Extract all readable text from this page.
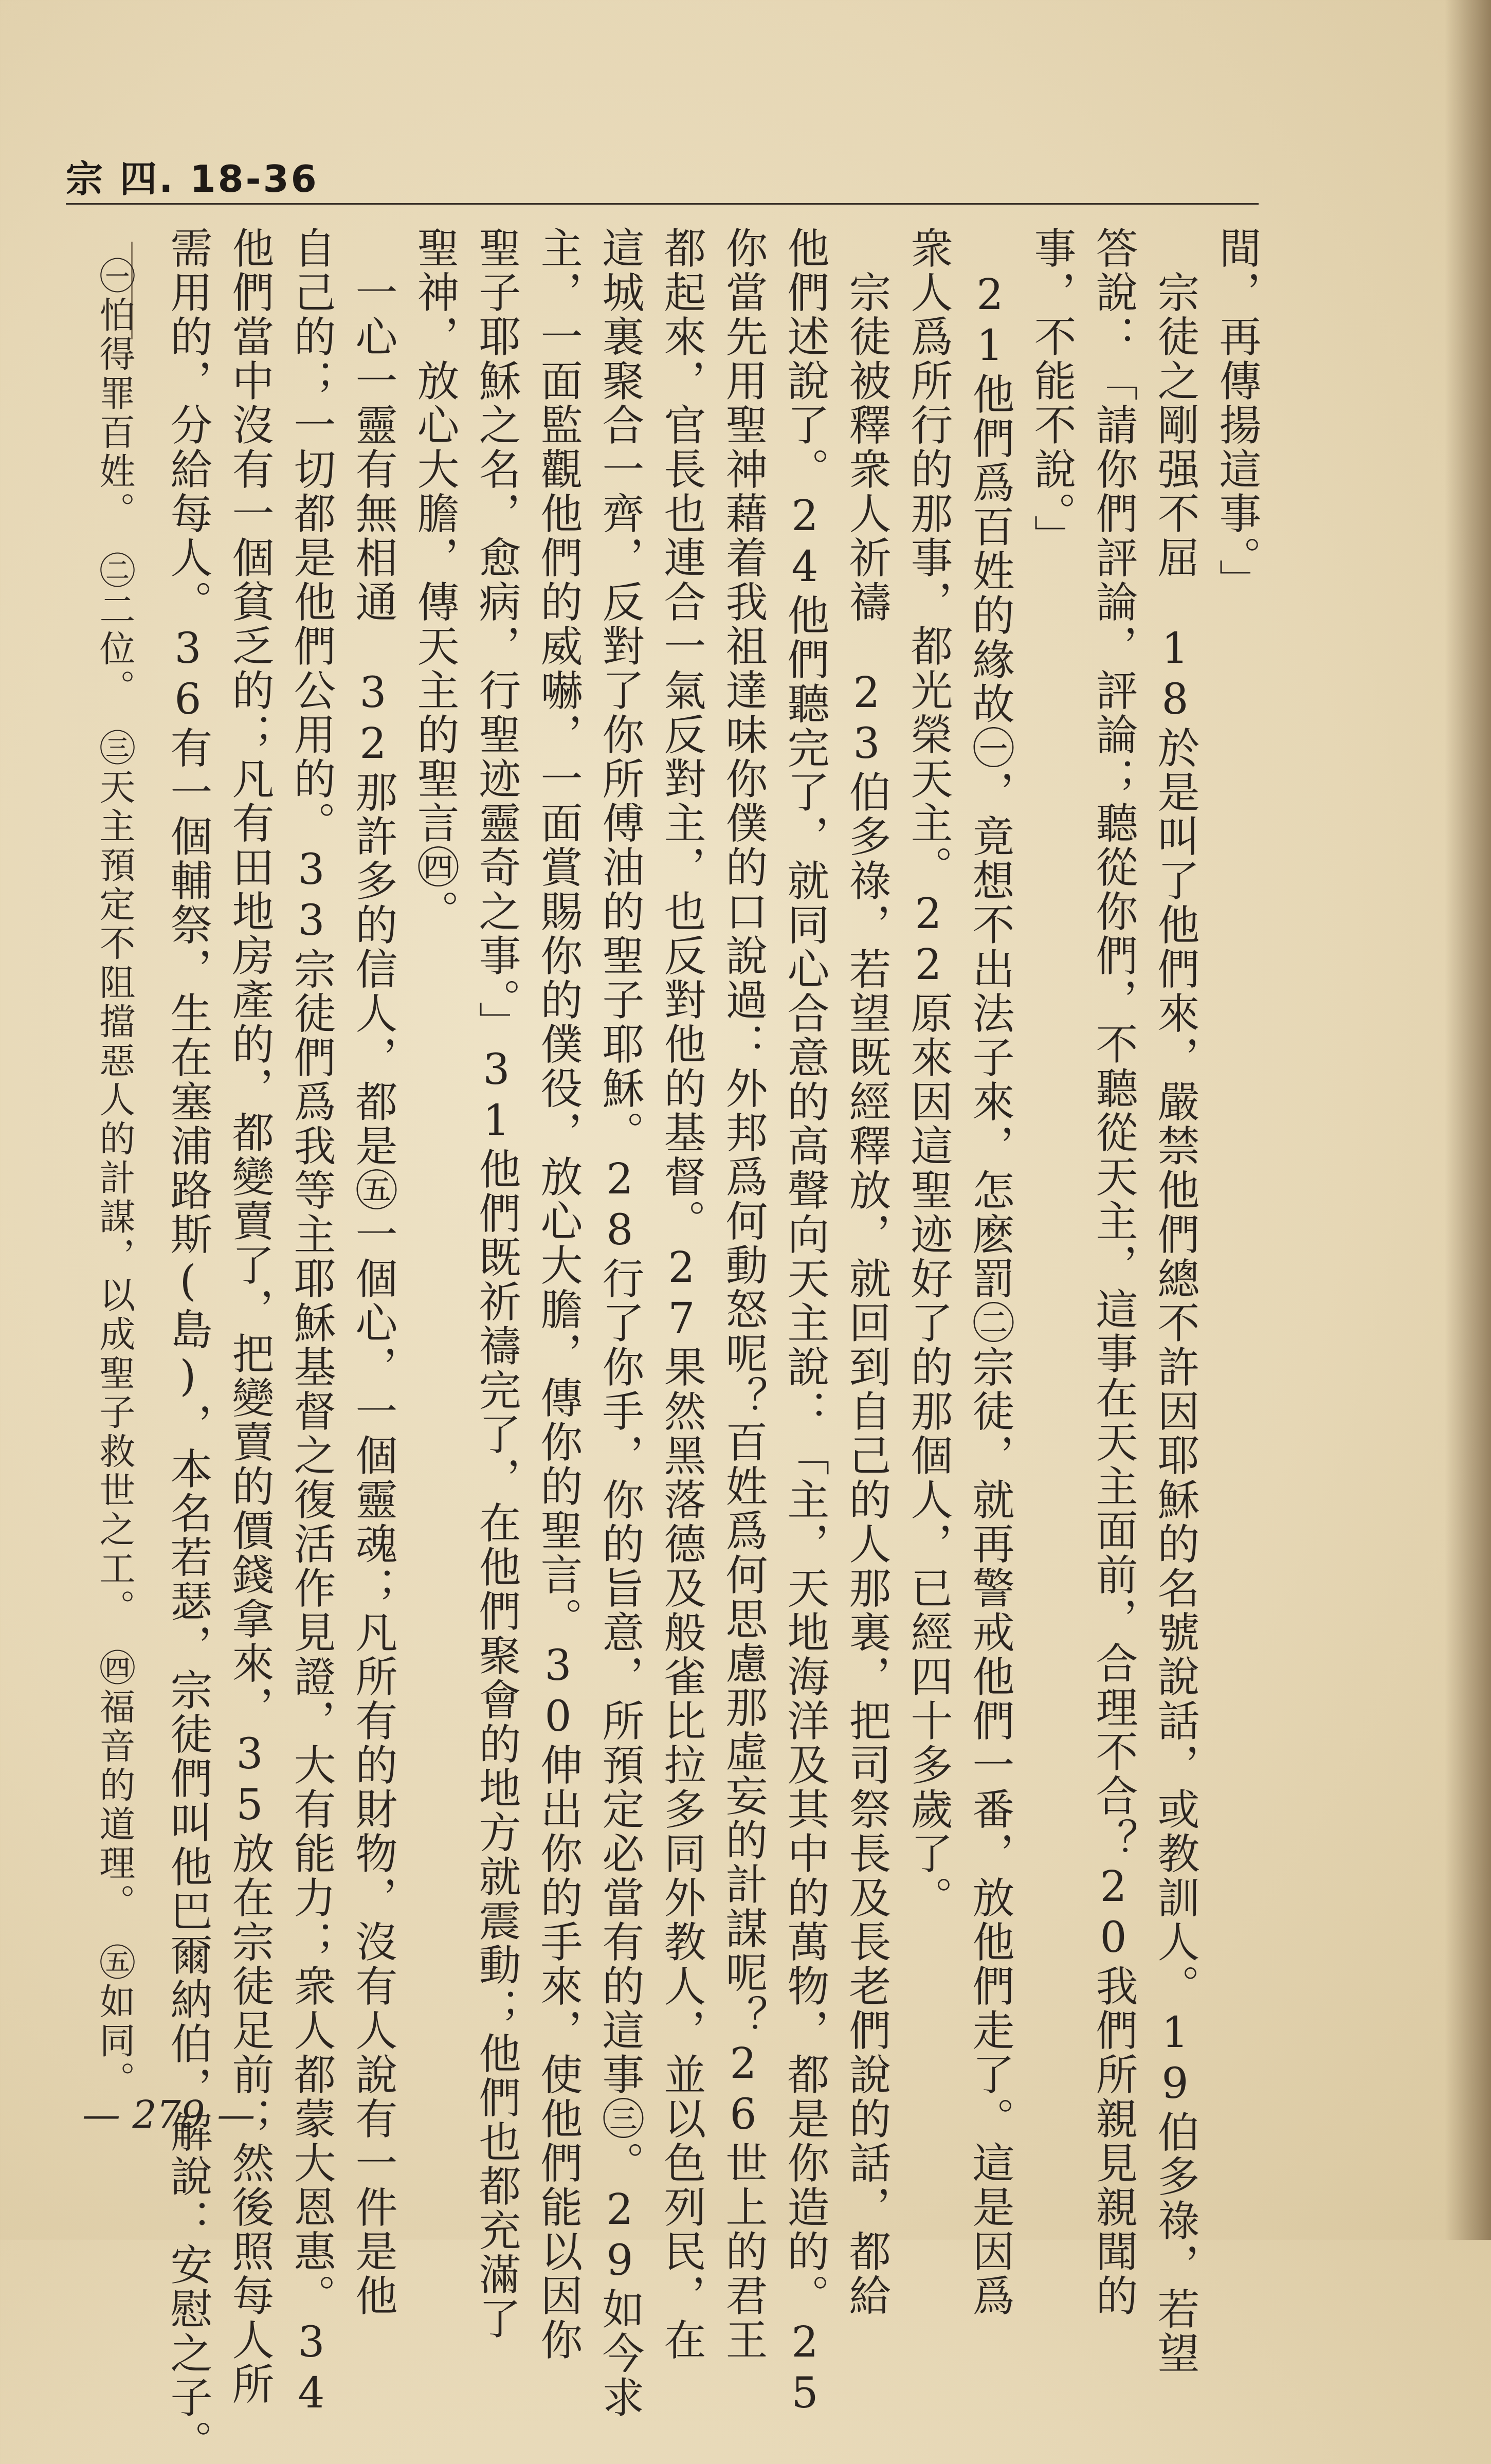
宗 四. 18-36
間，再傳揚這事。」
　宗徒之剛强不屈　18於是叫了他們來，嚴禁他們總不許因耶穌的名號說話，或教訓人。19伯多祿，若望
答說：「請你們評論，評論；聽從你們，不聽從天主，這事在天主面前，合理不合？20我們所親見親聞的
事，不能不說。」
　21他們爲百姓的緣故㊀，竟想不出法子來，怎麽罰㊁宗徒，就再警戒他們一番，放他們走了。這是因爲
衆人爲所行的那事，都光榮天主。22原來因這聖迹好了的那個人，已經四十多歲了。
　宗徒被釋衆人祈禱　23伯多祿，若望既經釋放，就回到自己的人那裏，把司祭長及長老們說的話，都給
他們述說了。24他們聽完了，就同心合意的高聲向天主說：「主，天地海洋及其中的萬物，都是你造的。25
你當先用聖神藉着我祖達味你僕的口說過：外邦爲何動怒呢？百姓爲何思慮那虛妄的計謀呢？26世上的君王
都起來，官長也連合一氣反對主，也反對他的基督。27果然黑落德及般雀比拉多同外教人，並以色列民，在
這城裏聚合一齊，反對了你所傅油的聖子耶穌。28行了你手，你的旨意，所預定必當有的這事㊂。29如今求
主，一面監觀他們的威嚇，一面賞賜你的僕役，放心大膽，傳你的聖言。30伸出你的手來，使他們能以因你
聖子耶穌之名，愈病，行聖迹靈奇之事。」31他們既祈禱完了，在他們聚會的地方就震動；他們也都充滿了
聖神，放心大膽，傳天主的聖言㊃。
　一心一靈有無相通　32那許多的信人，都是㊄一個心，一個靈魂；凡所有的財物，沒有人說有一件是他
自己的；一切都是他們公用的。33宗徒們爲我等主耶穌基督之復活作見證，大有能力；衆人都蒙大恩惠。34
他們當中沒有一個貧乏的；凡有田地房產的，都變賣了，把變賣的價錢拿來，35放在宗徒足前；然後照每人所
需用的，分給每人。36有一個輔祭，生在塞浦路斯(島)，本名若瑟，宗徒們叫他巴爾納伯，解說：安慰之子。
㊀怕得罪百姓。　㊁二位。　㊂天主預定不阻擋惡人的計謀，以成聖子救世之工。　㊃福音的道理。　㊄如同。
— 279 —
